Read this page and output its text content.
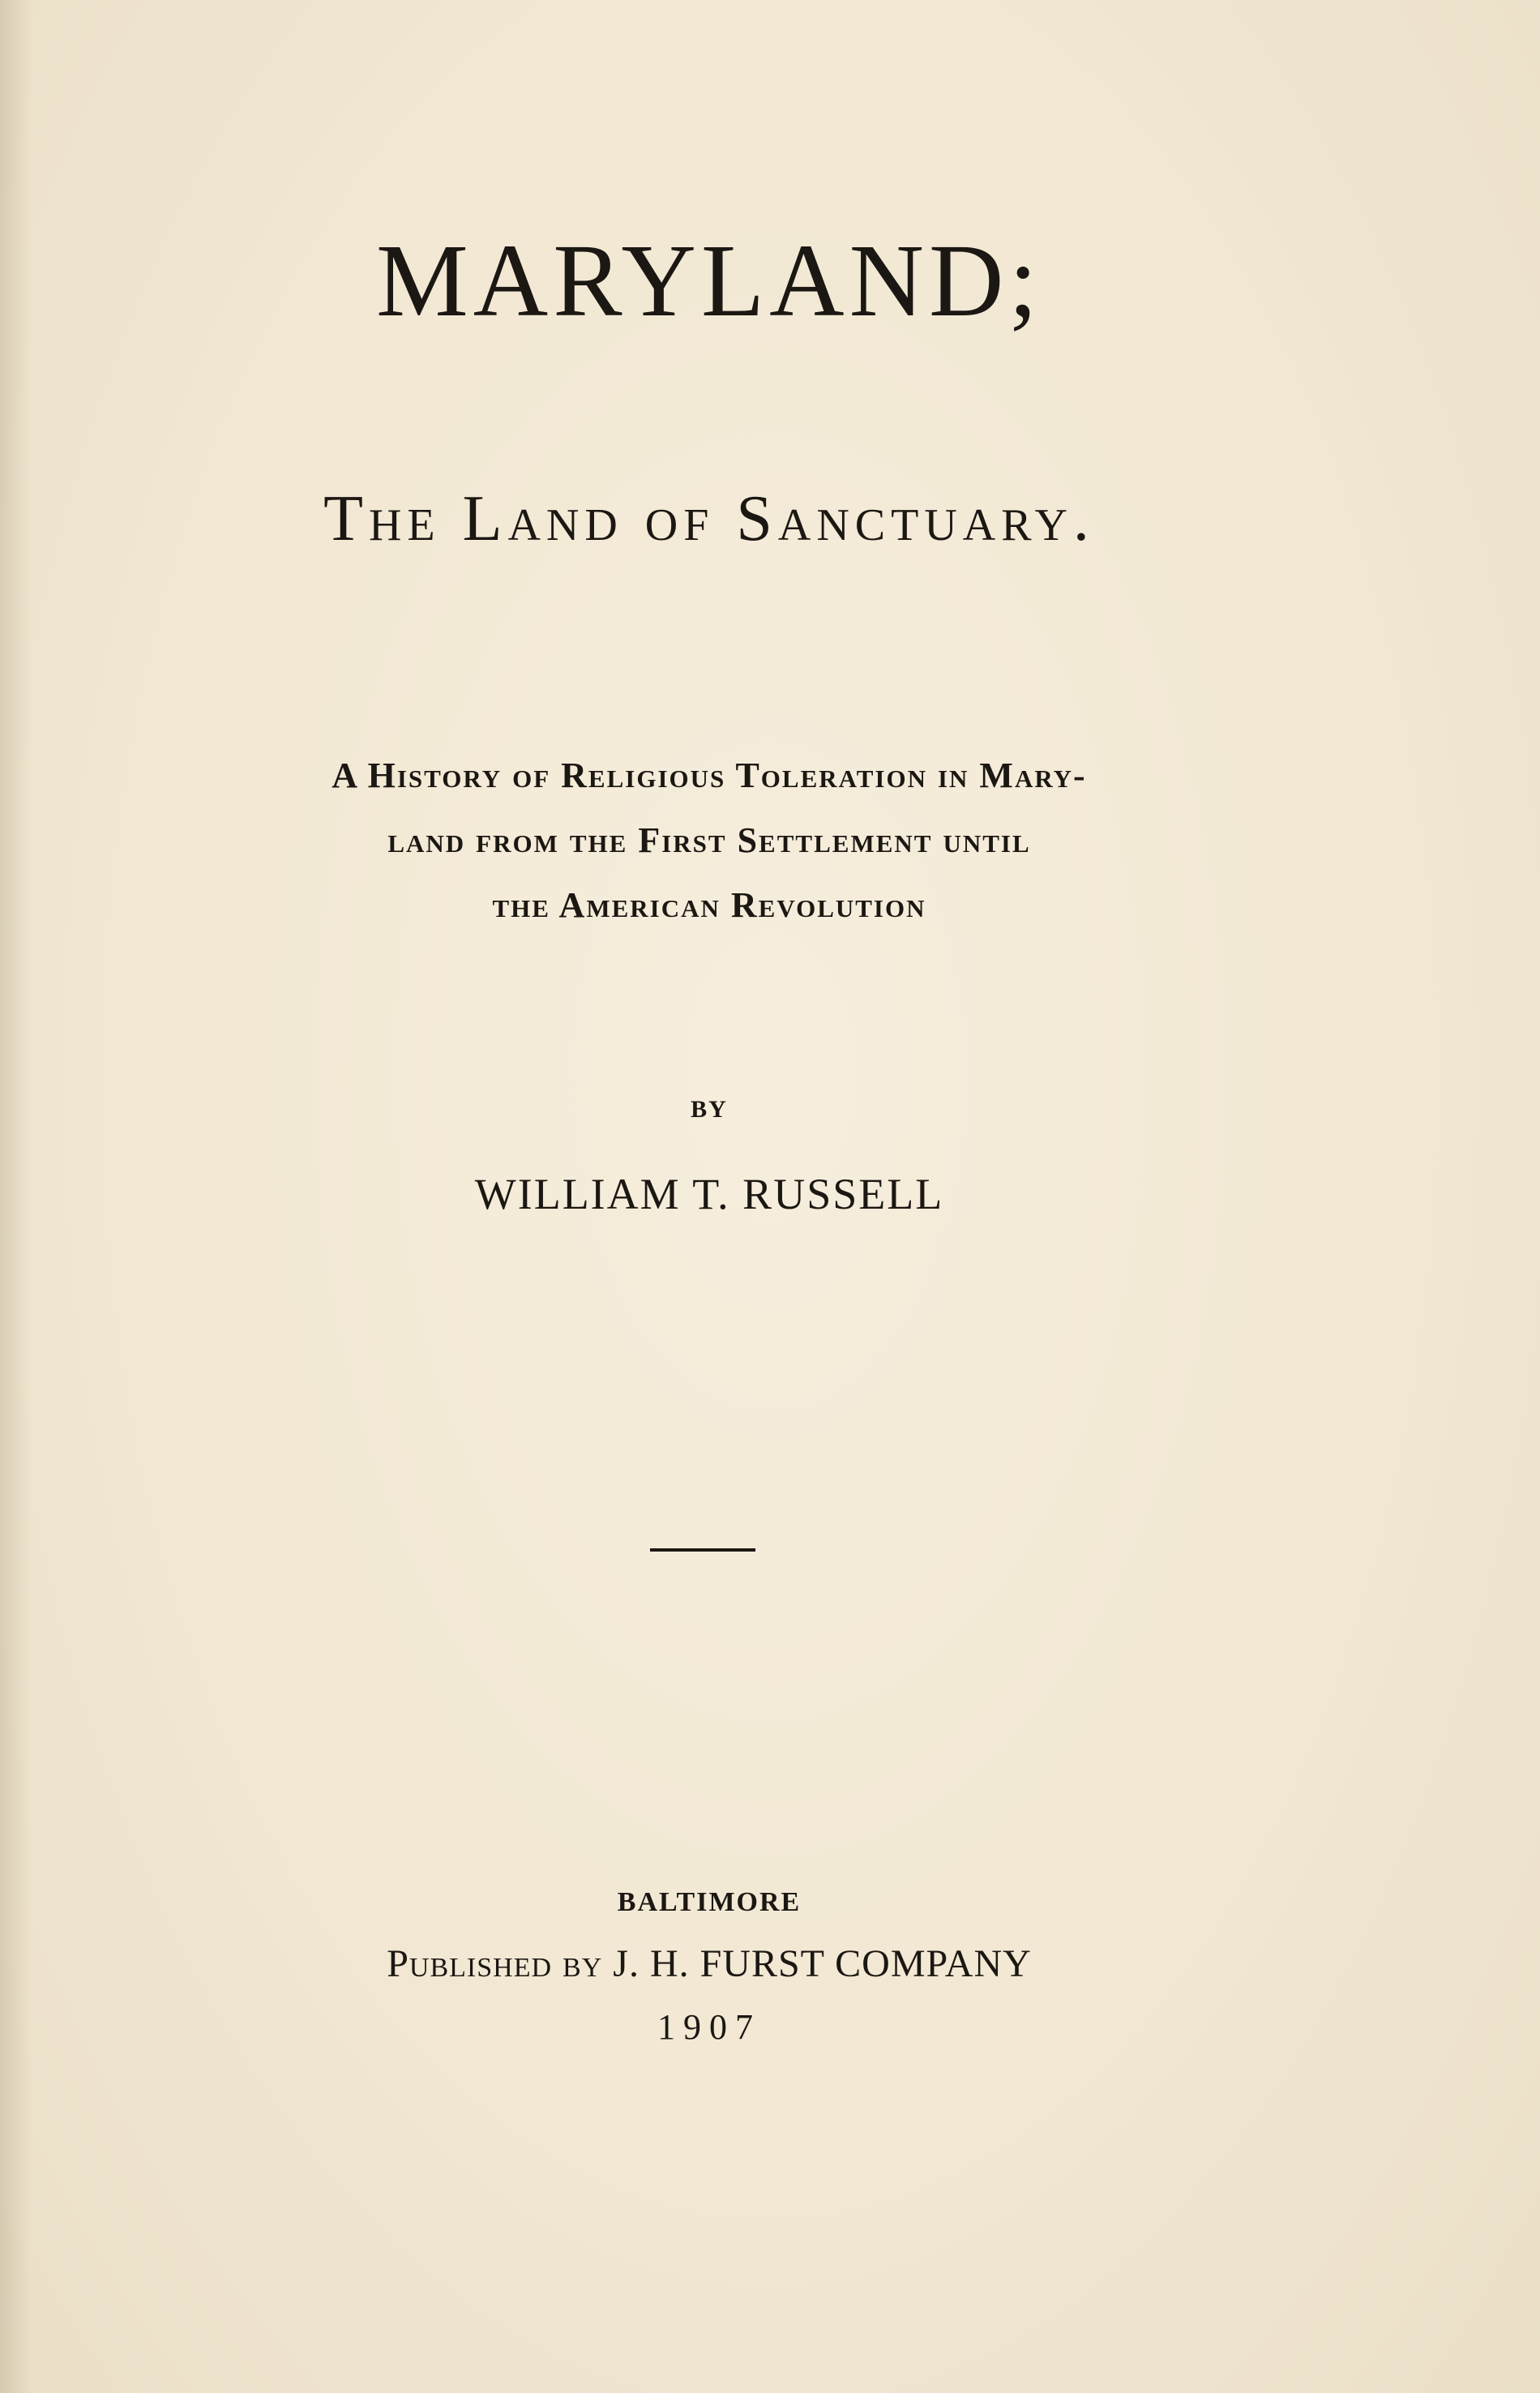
MARYLAND;
The Land of Sanctuary.
A History of Religious Toleration in Mary-
land from the First Settlement until
the American Revolution
BY
WILLIAM T. RUSSELL
BALTIMORE
Published by J. H. FURST COMPANY
1907
